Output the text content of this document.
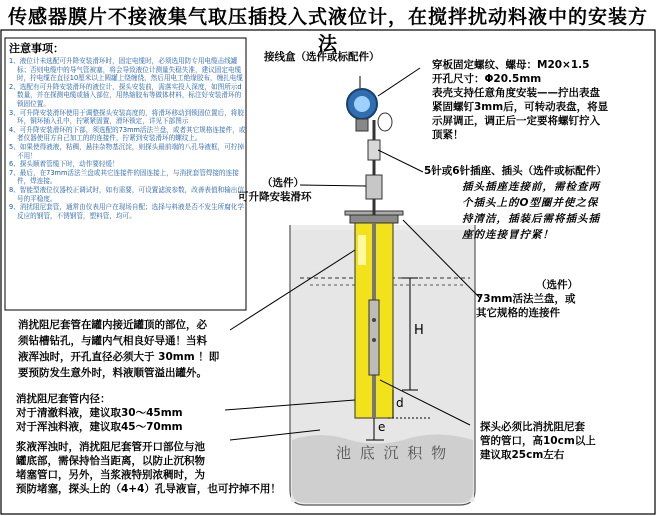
传感器膜片不接液集气取压插投入式液位计，在搅拌扰动料液中的安装方法
注意事项：
1、液位计未选配可升降安装滑环时，固定电缆时，必须选用防专用电缆击线罐标；否则电缆中的导气管被塞，将会导致液位计测量失稳失准，建议固定电缆时，拧电缆在直径10厘米以上圆罐上绕缠绕，然后用电工绝缘胶布，缠扎电缆
2、选配有可升降安装滑环的液位计，探头安装前，需落实投入深度，如图所示d数量，并在探测电缆或插入部位，用热缩胶布等做体材料，标注好安装滑环的锁固位置。
3、可升降安装滑环使用于调整探头安装高度的，将滑环移动到锁固位置后，将胶环，铜环插入孔中，拧紧紧固置，滑环锁定，详见下部图示
4、可升降安装滑环的下部，须选配的73mm活法兰盘，或者其它规格连接件，或者仪器使用方自己加工的的连接件，拧紧到安装滑环的螺纹上。
5、如果使得液液，粘稠，悬挂杂物基沉淀，则探头最前端的八孔导液框，可拧掉不用！
6、探头顺着管缆下时，动作要轻缓！
7、最后，在73mm活法兰盘或其它连接件的固连接上，与消扰套管焊接的连接件，焊连接。
8、智能型液位仪器校正调试时，如有需要，可设置滤波参数，改善表值和输出信号的平稳度。
9、消扰阻尼套管，通常由仪表用户在现场自配；选择与料液是否不发生所腐化学反应的钢管，不锈钢管，塑料管，均可。
接线盒（选件或标配件）
穿板固定螺纹、螺母：M20×1.5
开孔尺寸：Φ20.5mm
表壳支持任意角度安装——拧出表盘
紧固螺钉3mm后，可转动表盘，将显
示屏调正，调正后一定要将螺钉拧入
顶紧！
5针或6针插座、插头（选件或标配件）
插头插座连接前，需检查两
个插头上的O型圈并使之保
持清洁，插装后需将插头插
座的连接冒拧紧！
（选件）
可升降安装滑环
（选件）
73mm活法兰盘，或
其它规格的连接件
消扰阻尼套管在罐内接近罐顶的部位，必
须钻槽钻孔，与罐内气相良好导通！当料
液浑浊时，开孔直径必须大于 30mm ！即
要预防发生意外时，料液顺管溢出罐外。
消扰阻尼套管内径：
对于清澈料液，建议取30～45mm
对于浑浊料液，建议取45～70mm
浆液浑浊时，消扰阻尼套管开口部位与池
罐底部，需保持恰当距离，以防止沉积物
堵塞管口，另外，当浆液特别浓稠时，为
预防堵塞，探头上的（4+4）孔导液盲，也可拧掉不用！
探头必须比消扰阻尼套
管的管口，高10cm以上
建议取25cm左右
池 底 沉 积 物
H
d
e
